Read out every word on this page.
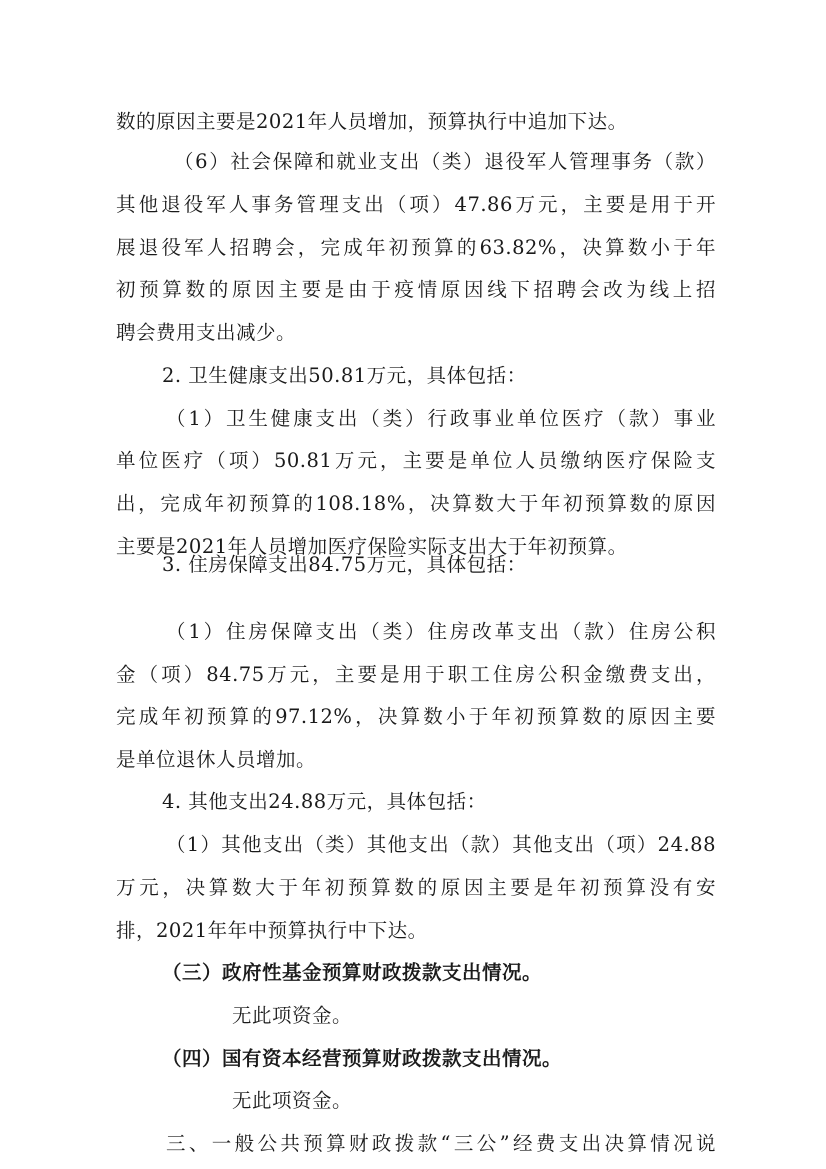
数的原因主要是2021年人员增加，预算执行中追加下达。
（6）社会保障和就业支出（类）退役军人管理事务（款）
其他退役军人事务管理支出（项）47.86万元，主要是用于开
展退役军人招聘会，完成年初预算的63.82%，决算数小于年
初预算数的原因主要是由于疫情原因线下招聘会改为线上招
聘会费用支出减少。
2. 卫生健康支出50.81万元，具体包括：
（1）卫生健康支出（类）行政事业单位医疗（款）事业
单位医疗（项）50.81万元，主要是单位人员缴纳医疗保险支
出，完成年初预算的108.18%，决算数大于年初预算数的原因
主要是2021年人员增加医疗保险实际支出大于年初预算。
3. 住房保障支出84.75万元，具体包括：
（1）住房保障支出（类）住房改革支出（款）住房公积
金（项）84.75万元，主要是用于职工住房公积金缴费支出，
完成年初预算的97.12%，决算数小于年初预算数的原因主要
是单位退休人员增加。
4. 其他支出24.88万元，具体包括：
（1）其他支出（类）其他支出（款）其他支出（项）24.88
万元，决算数大于年初预算数的原因主要是年初预算没有安
排，2021年年中预算执行中下达。
（三）政府性基金预算财政拨款支出情况。
无此项资金。
（四）国有资本经营预算财政拨款支出情况。
无此项资金。
三、一般公共预算财政拨款“三公”经费支出决算情况说
